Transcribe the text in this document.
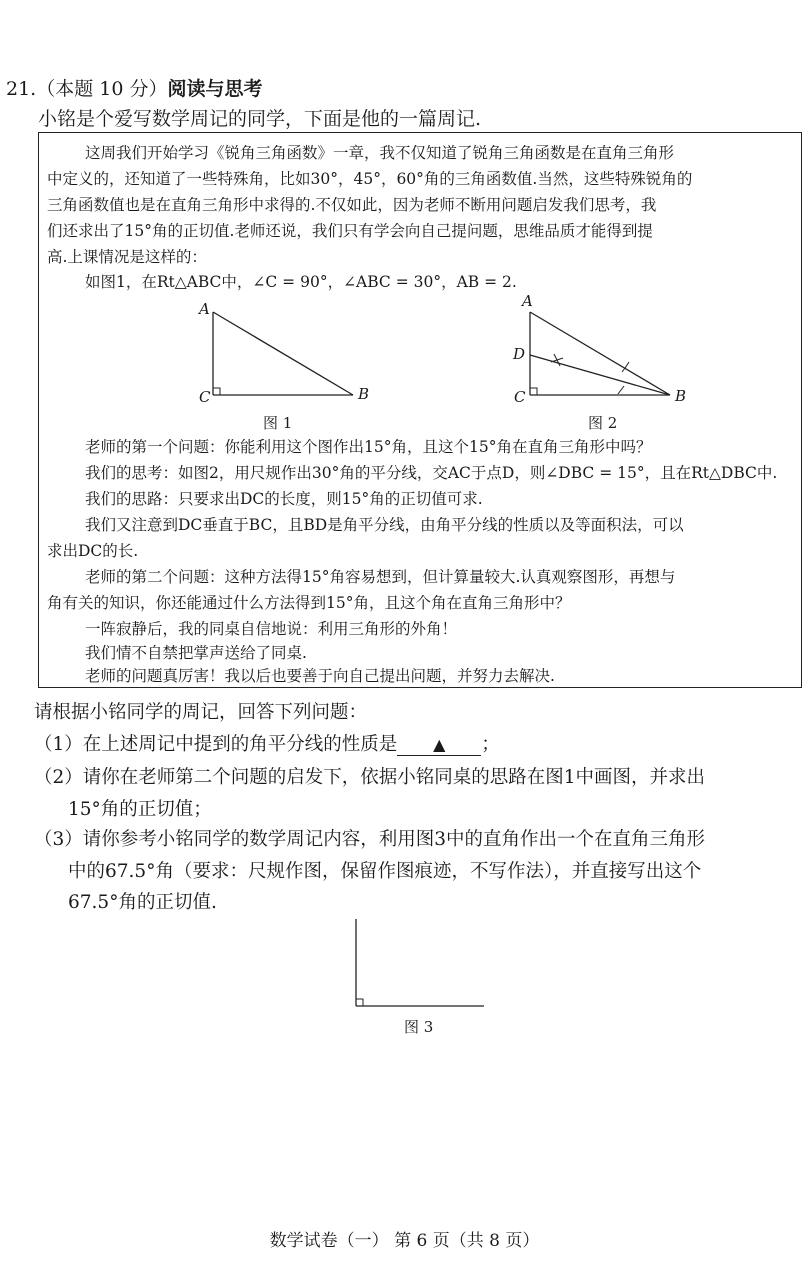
21.（本题 10 分）阅读与思考
小铭是个爱写数学周记的同学，下面是他的一篇周记.
这周我们开始学习《锐角三角函数》一章，我不仅知道了锐角三角函数是在直角三角形
中定义的，还知道了一些特殊角，比如30°，45°，60°角的三角函数值.当然，这些特殊锐角的
三角函数值也是在直角三角形中求得的.不仅如此，因为老师不断用问题启发我们思考，我
们还求出了15°角的正切值.老师还说，我们只有学会向自己提问题，思维品质才能得到提
高.上课情况是这样的：
如图1，在Rt△ABC中，∠C = 90°，∠ABC = 30°，AB = 2.
老师的第一个问题：你能利用这个图作出15°角，且这个15°角在直角三角形中吗？
我们的思考：如图2，用尺规作出30°角的平分线，交AC于点D，则∠DBC = 15°，且在Rt△DBC中.
我们的思路：只要求出DC的长度，则15°角的正切值可求.
我们又注意到DC垂直于BC，且BD是角平分线，由角平分线的性质以及等面积法，可以
求出DC的长.
老师的第二个问题：这种方法得15°角容易想到，但计算量较大.认真观察图形，再想与
角有关的知识，你还能通过什么方法得到15°角，且这个角在直角三角形中？
一阵寂静后，我的同桌自信地说：利用三角形的外角！
我们情不自禁把掌声送给了同桌.
老师的问题真厉害！我以后也要善于向自己提出问题，并努力去解决.
A
C	B
A
D
C	B
图 1	图 2
请根据小铭同学的周记，回答下列问题：
（1）在上述周记中提到的角平分线的性质是 ▲ ；
（2）请你在老师第二个问题的启发下，依据小铭同桌的思路在图1中画图，并求出
15°角的正切值；
（3）请你参考小铭同学的数学周记内容，利用图3中的直角作出一个在直角三角形
中的67.5°角（要求：尺规作图，保留作图痕迹，不写作法），并直接写出这个
67.5°角的正切值.
图 3
数学试卷（一） 第 6 页（共 8 页）
